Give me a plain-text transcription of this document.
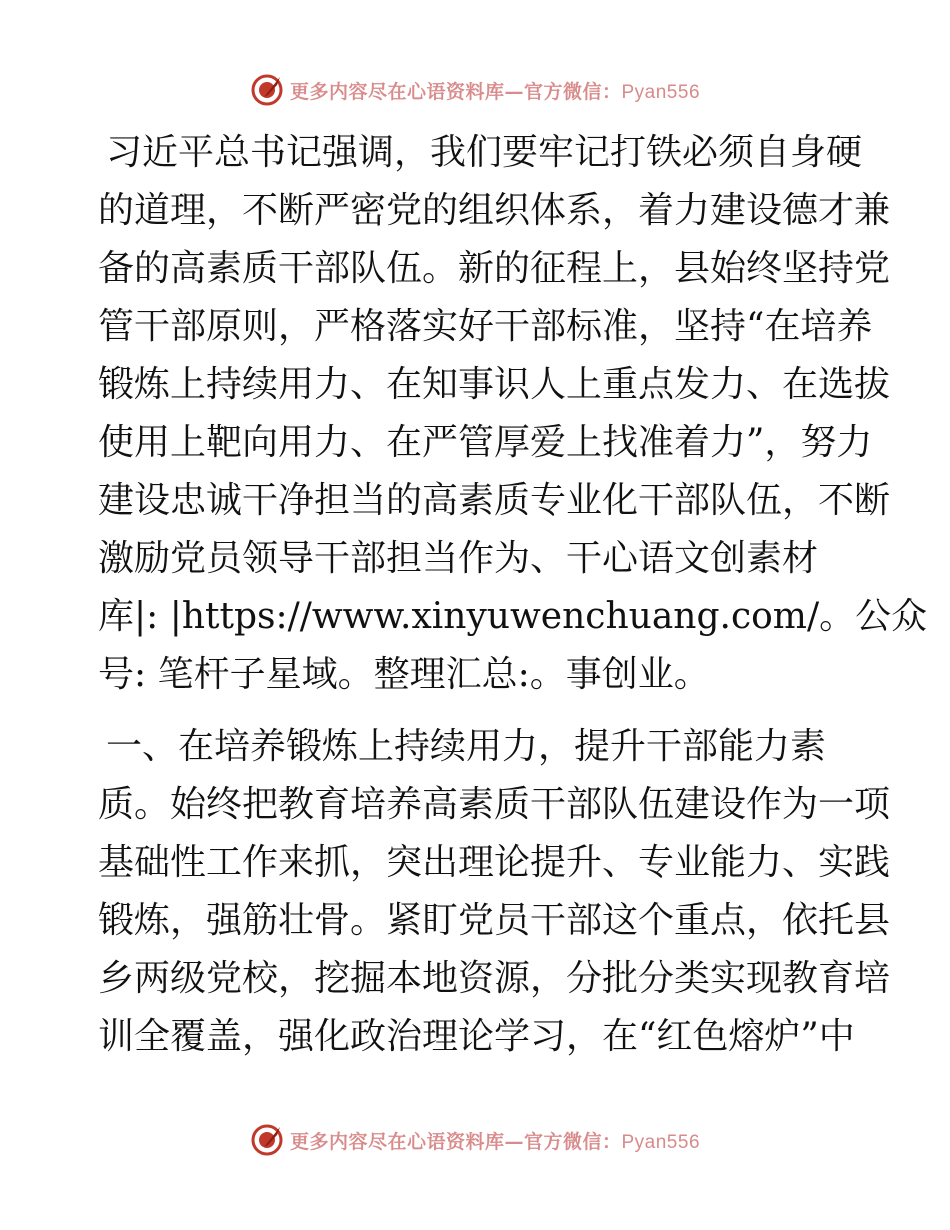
更多内容尽在心语资料库—官方微信：Pyan556

习近平总书记强调，我们要牢记打铁必须自身硬
的道理，不断严密党的组织体系，着力建设德才兼
备的高素质干部队伍。新的征程上，县始终坚持党
管干部原则，严格落实好干部标准，坚持“在培养
锻炼上持续用力、在知事识人上重点发力、在选拔
使用上靶向用力、在严管厚爱上找准着力”，努力
建设忠诚干净担当的高素质专业化干部队伍，不断
激励党员领导干部担当作为、干心语文创素材
库|: |https://www.xinyuwenchuang.com/。公众
号: 笔杆子星域。整理汇总:。事创业。

一、在培养锻炼上持续用力，提升干部能力素
质。始终把教育培养高素质干部队伍建设作为一项
基础性工作来抓，突出理论提升、专业能力、实践
锻炼，强筋壮骨。紧盯党员干部这个重点，依托县
乡两级党校，挖掘本地资源，分批分类实现教育培
训全覆盖，强化政治理论学习，在“红色熔炉”中

更多内容尽在心语资料库—官方微信：Pyan556
